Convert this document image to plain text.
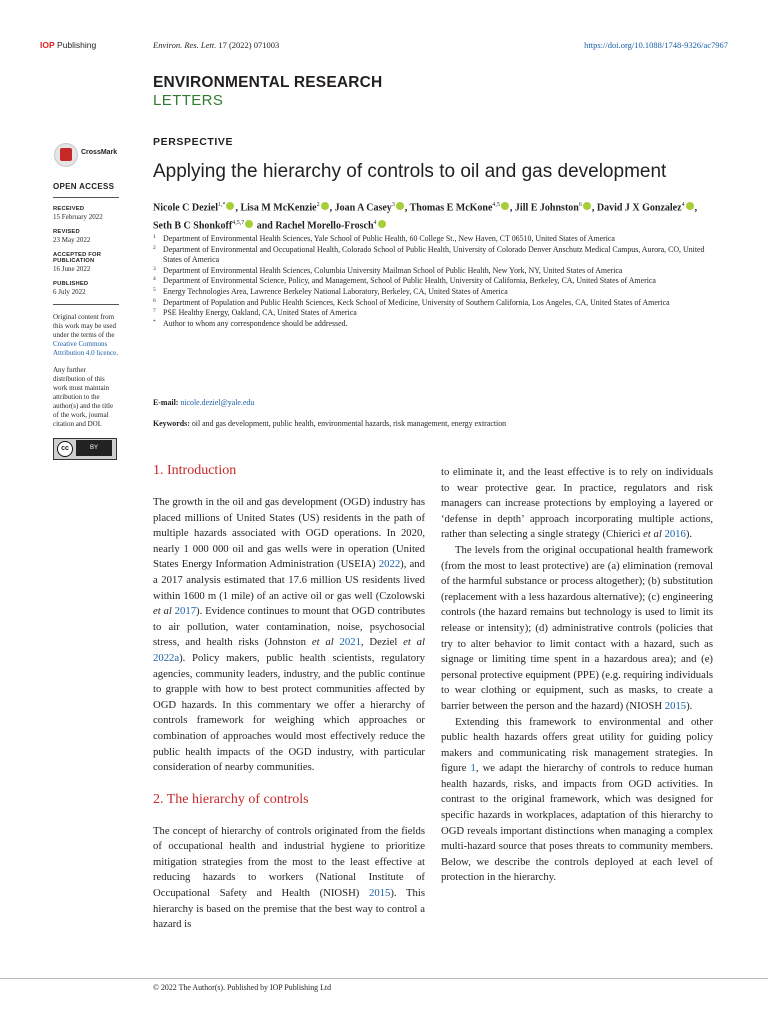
IOP Publishing	Environ. Res. Lett. 17 (2022) 071003	https://doi.org/10.1088/1748-9326/ac7967
ENVIRONMENTAL RESEARCH
LETTERS
CrossMark
OPEN ACCESS
RECEIVED
15 February 2022
REVISED
23 May 2022
ACCEPTED FOR PUBLICATION
16 June 2022
PUBLISHED
6 July 2022
Original content from this work may be used under the terms of the Creative Commons Attribution 4.0 licence.
Any further distribution of this work must maintain attribution to the author(s) and the title of the work, journal citation and DOI.
cc	BY
PERSPECTIVE
Applying the hierarchy of controls to oil and gas development
Nicole C Deziel$^{1,*}$ , Lisa M McKenzie$^2$ , Joan A Casey$^3$ , Thomas E McKone$^{4,5}$ , Jill E Johnston$^6$ , David J X Gonzalez$^4$ , Seth B C Shonkoff$^{4,5,7}$ and Rachel Morello-Frosch$^4$
1 Department of Environmental Health Sciences, Yale School of Public Health, 60 College St., New Haven, CT 06510, United States of America
2 Department of Environmental and Occupational Health, Colorado School of Public Health, University of Colorado Denver Anschutz Medical Campus, Aurora, CO, United States of America
3 Department of Environmental Health Sciences, Columbia University Mailman School of Public Health, New York, NY, United States of America
4 Department of Environmental Science, Policy, and Management, School of Public Health, University of California, Berkeley, CA, United States of America
5 Energy Technologies Area, Lawrence Berkeley National Laboratory, Berkeley, CA, United States of America
6 Department of Population and Public Health Sciences, Keck School of Medicine, University of Southern California, Los Angeles, CA, United States of America
7 PSE Healthy Energy, Oakland, CA, United States of America
* Author to whom any correspondence should be addressed.
E-mail: nicole.deziel@yale.edu
Keywords: oil and gas development, public health, environmental hazards, risk management, energy extraction
1. Introduction

The growth in the oil and gas development (OGD) industry has placed millions of United States (US) residents in the path of multiple hazards associated with OGD operations. In 2020, nearly 1 000 000 oil and gas wells were in operation (United States Energy Information Administration (USEIA) 2022), and a 2017 analysis estimated that 17.6 million US residents lived within 1600 m (1 mile) of an active oil or gas well (Czolowski et al 2017). Evidence continues to mount that OGD contributes to air pollution, water contamination, noise, psychosocial stress, and health risks (Johnston et al 2021, Deziel et al 2022a). Policy makers, public health scientists, regulatory agencies, community leaders, industry, and the public continue to grapple with how to best protect communities affected by OGD hazards. In this commentary we offer a hierarchy of controls framework for weighing which approaches or combination of approaches would most effectively reduce the public health impacts of the OGD industry, with particular consideration of nearby communities.

2. The hierarchy of controls

The concept of hierarchy of controls originated from the fields of occupational health and industrial hygiene to prioritize mitigation strategies from the most to the least effective at reducing hazards to workers (National Institute of Occupational Safety and Health (NIOSH) 2015). This hierarchy is based on the premise that the best way to control a hazard is

to eliminate it, and the least effective is to rely on individuals to wear protective gear. In practice, regulators and risk managers can increase protections by employing a layered or ‘defense in depth’ approach incorporating multiple actions, rather than selecting a single strategy (Chierici et al 2016).

The levels from the original occupational health framework (from the most to least protective) are (a) elimination (removal of the harmful substance or process altogether); (b) substitution (replacement with a less hazardous alternative); (c) engineering controls (the hazard remains but technology is used to limit its release or intensity); (d) administrative controls (policies that try to alter behavior to limit contact with a hazard, such as signage or limiting time spent in a hazardous area); and (e) personal protective equipment (PPE) (e.g. requiring individuals to wear clothing or equipment, such as masks, to create a barrier between the person and the hazard) (NIOSH 2015).

Extending this framework to environmental and other public health hazards offers great utility for guiding policy makers and communicating risk management strategies. In figure 1, we adapt the hierarchy of controls to reduce human health hazards, risks, and impacts from OGD activities. In contrast to the original framework, which was designed for specific hazards in workplaces, adaptation of this hierarchy to OGD reveals important distinctions when managing a complex multi-hazard source that poses threats to community members. Below, we describe the controls deployed at each level of protection in the hierarchy.

© 2022 The Author(s). Published by IOP Publishing Ltd
